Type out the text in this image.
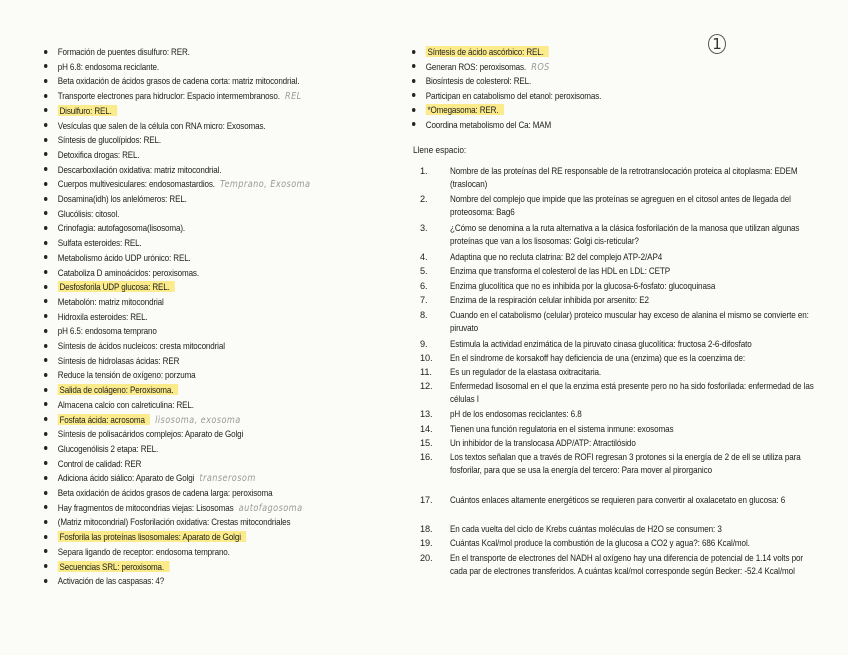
1
Formación de puentes disulfuro: RER.
pH 6.8: endosoma reciclante.
Beta oxidación de ácidos grasos de cadena corta: matriz mitocondrial.
Transporte electrones para hidruclor: Espacio intermembranoso. REL
Disulfuro: REL.
Vesículas que salen de la célula con RNA micro: Exosomas.
Síntesis de glucolípidos: REL.
Detoxifica drogas: REL.
Descarboxilación oxidativa: matriz mitocondrial.
Cuerpos multivesiculares: endosomastardios. Temprano, Exosoma
Dosamina(idh) los anlelómeros: REL.
Glucólisis: citosol.
Crinofagia: autofagosoma(lisosoma).
Sulfata esteroides: REL.
Metabolismo ácido UDP urónico: REL.
Cataboliza D aminoácidos: peroxisomas.
Desfosforila UDP glucosa: REL.
Metabolón: matriz mitocondrial
Hidroxila esteroides: REL.
pH 6.5: endosoma temprano
Síntesis de ácidos nucleicos: cresta mitocondrial
Síntesis de hidrolasas ácidas: RER
Reduce la tensión de oxígeno: porzuma
Salida de colágeno: Peroxisoma.
Almacena calcio con calreticulina: REL.
Fosfata ácida: acrosoma lisosoma, exosoma
Síntesis de polisacáridos complejos: Aparato de Golgi
Glucogenólisis 2 etapa: REL.
Control de calidad: RER
Adiciona ácido siálico: Aparato de Golgi transerosom
Beta oxidación de ácidos grasos de cadena larga: peroxisoma
Hay fragmentos de mitocondrias viejas: Lisosomas autofagosoma
(Matriz mitocondrial) Fosforilación oxidativa: Crestas mitocondriales
Fosforila las proteínas lisosomales: Aparato de Golgi
Separa ligando de receptor: endosoma temprano.
Secuencias SRL: peroxisoma.
Activación de las caspasas: 4?
Síntesis de ácido ascórbico: REL.
Generan ROS: peroxisomas. ROS
Biosíntesis de colesterol: REL.
Participan en catabolismo del etanol: peroxisomas.
*Omegasoma: RER.
Coordina metabolismo del Ca: MAM
Llene espacio:
1.	Nombre de las proteínas del RE responsable de la retrotranslocación proteica al citoplasma: EDEM (traslocan)
2.	Nombre del complejo que impide que las proteínas se agreguen en el citosol antes de llegada del proteosoma: Bag6
3.	¿Cómo se denomina a la ruta alternativa a la clásica fosforilación de la manosa que utilizan algunas proteínas que van a los lisosomas: Golgi cis-reticular?
4.	Adaptina que no recluta clatrina: B2 del complejo ATP-2/AP4
5.	Enzima que transforma el colesterol de las HDL en LDL: CETP
6.	Enzima glucolítica que no es inhibida por la glucosa-6-fosfato: glucoquinasa
7.	Enzima de la respiración celular inhibida por arsenito: E2
8.	Cuando en el catabolismo (celular) proteico muscular hay exceso de alanina el mismo se convierte en: piruvato
9.	Estimula la actividad enzimática de la piruvato cinasa glucolítica: fructosa 2-6-difosfato
10.	En el síndrome de korsakoff hay deficiencia de una (enzima) que es la coenzima de:
11.	Es un regulador de la elastasa oxitracitaria.
12.	Enfermedad lisosomal en el que la enzima está presente pero no ha sido fosforilada: enfermedad de las células I
13.	pH de los endosomas reciclantes: 6.8
14.	Tienen una función regulatoria en el sistema inmune: exosomas
15.	Un inhibidor de la translocasa ADP/ATP: Atractilósido
16.	Los textos señalan que a través de ROFI regresan 3 protones si la energía de 2 de ell se utiliza para fosforilar, para que se usa la energía del tercero: Para mover al pirorganico
17.	Cuántos enlaces altamente energéticos se requieren para convertir al oxalacetato en glucosa: 6
18.	En cada vuelta del ciclo de Krebs cuántas moléculas de H2O se consumen: 3
19.	Cuántas Kcal/mol produce la combustión de la glucosa a CO2 y agua?: 686 Kcal/mol.
20.	En el transporte de electrones del NADH al oxígeno hay una diferencia de potencial de 1.14 volts por cada par de electrones transferidos. A cuántas kcal/mol corresponde según Becker: -52.4 Kcal/mol
